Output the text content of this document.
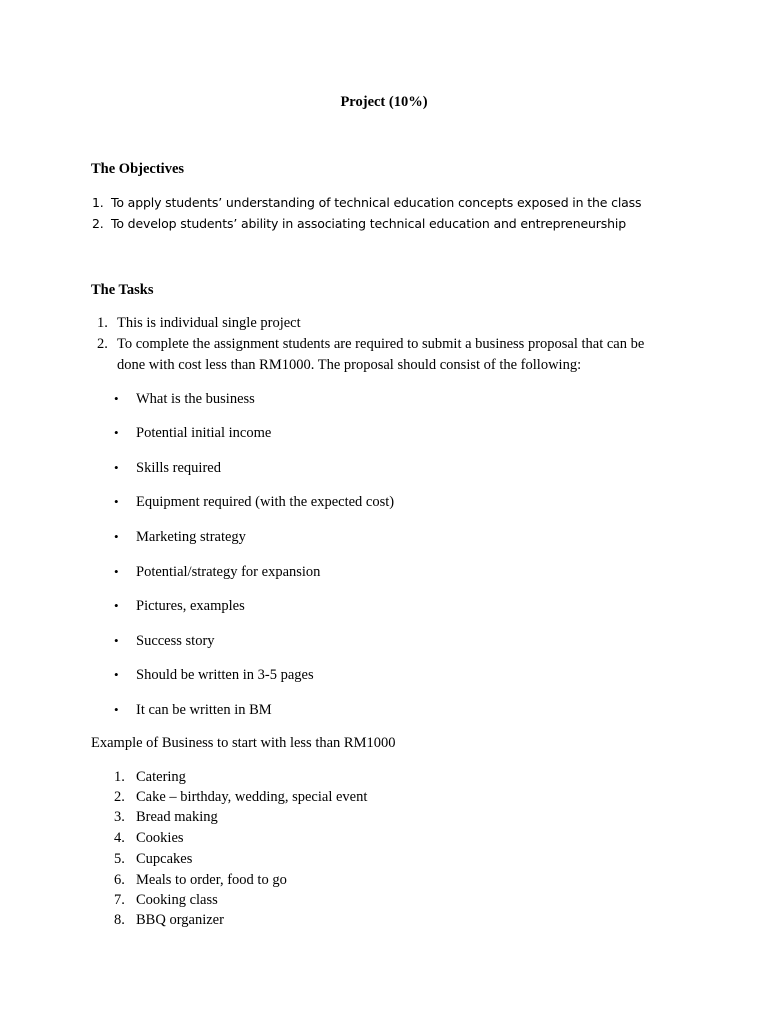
Project (10%)
The Objectives
1. To apply students’ understanding of technical education concepts exposed in the class
2. To develop students’ ability in associating technical education and entrepreneurship
The Tasks
1. This is individual single project
2. To complete the assignment students are required to submit a business proposal that can be
done with cost less than RM1000. The proposal should consist of the following:
• What is the business
• Potential initial income
• Skills required
• Equipment required (with the expected cost)
• Marketing strategy
• Potential/strategy for expansion
• Pictures, examples
• Success story
• Should be written in 3-5 pages
• It can be written in BM
Example of Business to start with less than RM1000
1. Catering
2. Cake – birthday, wedding, special event
3. Bread making
4. Cookies
5. Cupcakes
6. Meals to order, food to go
7. Cooking class
8. BBQ organizer
